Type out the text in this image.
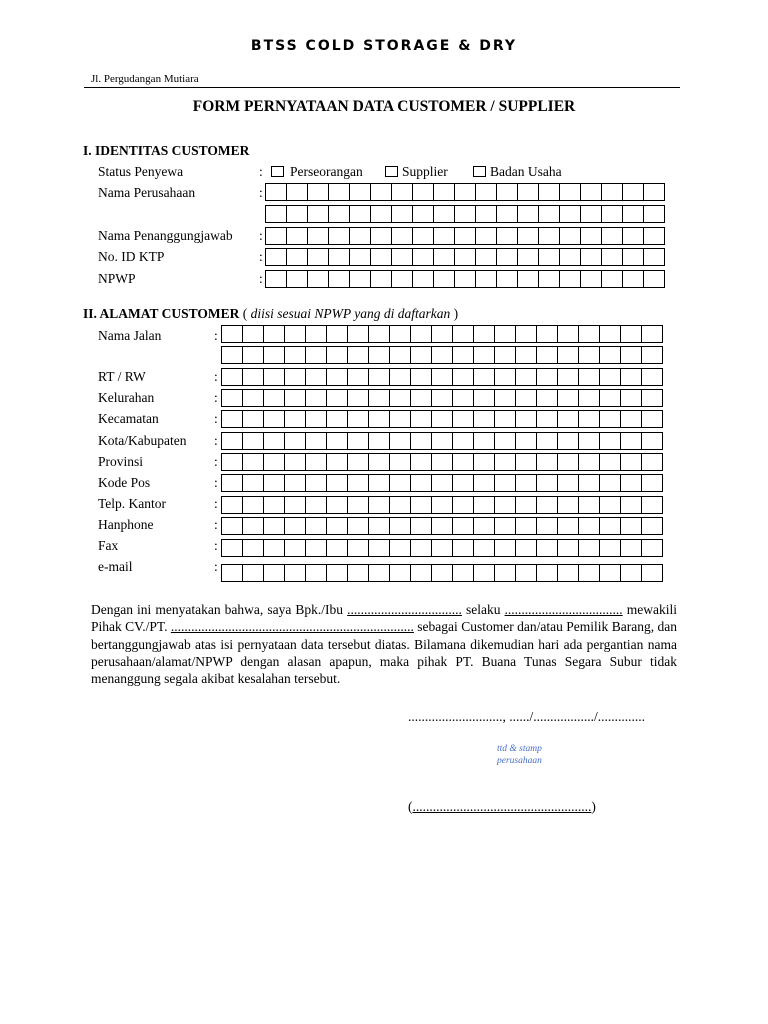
BTSS COLD STORAGE & DRY
Jl. Pergudangan Mutiara
FORM PERNYATAAN DATA CUSTOMER / SUPPLIER
I. IDENTITAS CUSTOMER
Status Penyewa	: Perseorangan	Supplier	Badan Usaha
Nama Perusahaan	:
Nama Penanggungjawab :
No. ID KTP	:
NPWP	:
II. ALAMAT CUSTOMER ( diisi sesuai NPWP yang di daftarkan )
Nama Jalan	:
RT / RW	:
Kelurahan	:
Kecamatan	:
Kota/Kabupaten :
Provinsi	:
Kode Pos	:
Telp. Kantor	:
Hanphone	:
Fax	:
e-mail	:
Dengan ini menyatakan bahwa, saya Bpk./Ibu .................................. selaku ................................... mewakili Pihak CV./PT. ........................................................................ sebagai Customer dan/atau Pemilik Barang, dan bertanggungjawab atas isi pernyataan data tersebut diatas. Bilamana dikemudian hari ada pergantian nama perusahaan/alamat/NPWP dengan alasan apapun, maka pihak PT. Buana Tunas Segara Subur tidak menanggung segala akibat kesalahan tersebut.
............................, ....../................../..............
ttd & stamp
perusahaan
(.....................................................)
